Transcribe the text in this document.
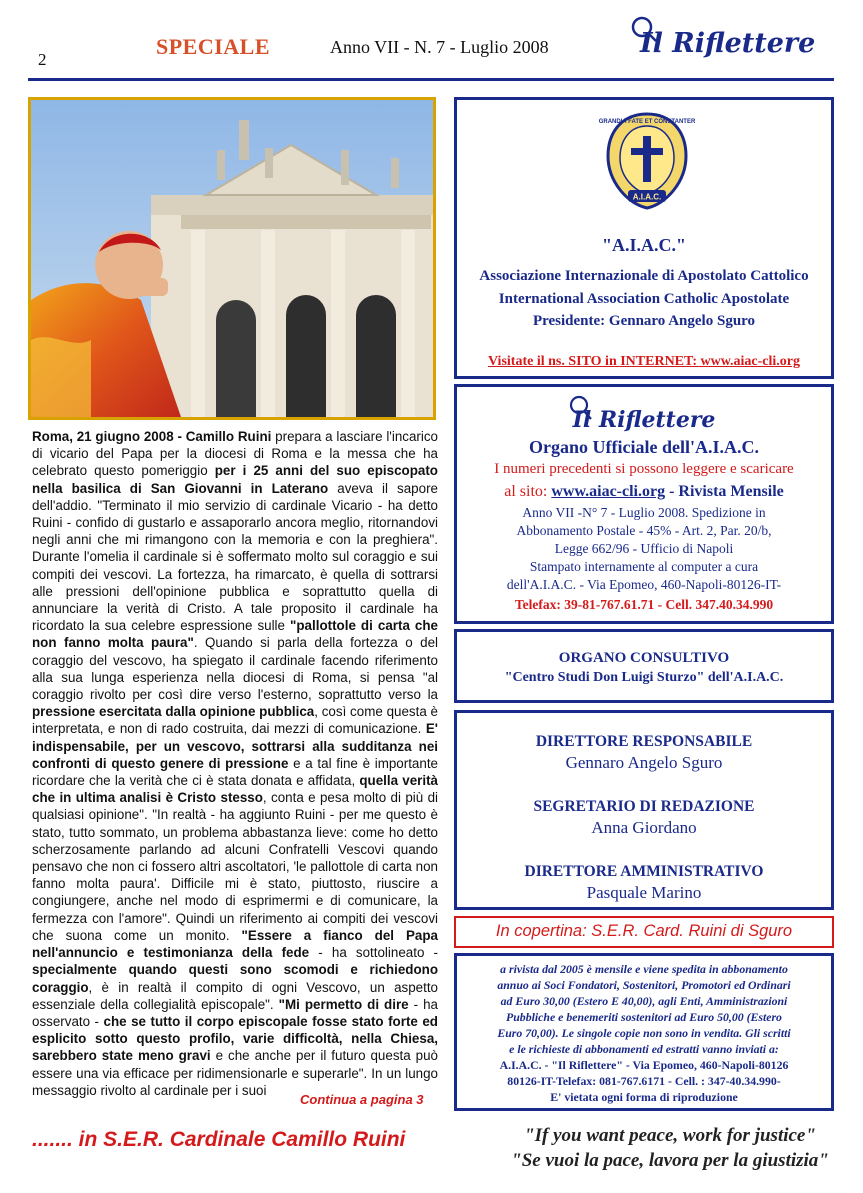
2
SPECIALE	Anno VII - N. 7 - Luglio 2008	Il Riflettere

Roma, 21 giugno 2008 - Camillo Ruini prepara a lasciare l'incarico di vicario del Papa per la diocesi di Roma e la messa che ha celebrato questo pomeriggio per i 25 anni del suo episcopato nella basilica di San Giovanni in Laterano aveva il sapore dell'addio. "Terminato il mio servizio di cardinale Vicario - ha detto Ruini - confido di gustarlo e assaporarlo ancora meglio, ritornandovi negli anni che mi rimangono con la memoria e con la preghiera". Durante l'omelia il cardinale si è soffermato molto sul coraggio e sui compiti dei vescovi. La fortezza, ha rimarcato, è quella di sottrarsi alle pressioni dell'opinione pubblica e soprattutto quella di annunciare la verità di Cristo. A tale proposito il cardinale ha ricordato la sua celebre espressione sulle "pallottole di carta che non fanno molta paura". Quando si parla della fortezza o del coraggio del vescovo, ha spiegato il cardinale facendo riferimento alla sua lunga esperienza nella diocesi di Roma, si pensa "al coraggio rivolto per così dire verso l'esterno, soprattutto verso la pressione esercitata dalla opinione pubblica, così come questa è interpretata, e non di rado costruita, dai mezzi di comunicazione. E' indispensabile, per un vescovo, sottrarsi alla sudditanza nei confronti di questo genere di pressione e a tal fine è importante ricordare che la verità che ci è stata donata e affidata, quella verità che in ultima analisi è Cristo stesso, conta e pesa molto di più di qualsiasi opinione". "In realtà - ha aggiunto Ruini - per me questo è stato, tutto sommato, un problema abbastanza lieve: come ho detto scherzosamente parlando ad alcuni Confratelli Vescovi quando pensavo che non ci fossero altri ascoltatori, 'le pallottole di carta non fanno molta paura'. Difficile mi è stato, piuttosto, riuscire a congiungere, anche nel modo di esprimermi e di comunicare, la fermezza con l'amore". Quindi un riferimento ai compiti dei vescovi che suona come un monito. "Essere a fianco del Papa nell'annuncio e testimonianza della fede - ha sottolineato - specialmente quando questi sono scomodi e richiedono coraggio, è in realtà il compito di ogni Vescovo, un aspetto essenziale della collegialità episcopale". "Mi permetto di dire - ha osservato - che se tutto il corpo episcopale fosse stato forte ed esplicito sotto questo profilo, varie difficoltà, nella Chiesa, sarebbero state meno gravi e che anche per il futuro questa può essere una via efficace per ridimensionarle e superarle". In un lungo messaggio rivolto al cardinale per i suoi

Continua a pagina 3
A.I.A.C.
GRANDIA FATE ET CONSTANTER
"A.I.A.C."
Associazione Internazionale di Apostolato Cattolico
International Association Catholic Apostolate
Presidente: Gennaro Angelo Sguro
Visitate il ns. SITO in INTERNET: www.aiac-cli.org
Il Riflettere
Organo Ufficiale dell'A.I.A.C.
I numeri precedenti si possono leggere e scaricare
al sito: www.aiac-cli.org - Rivista Mensile
Anno VII -N° 7 - Luglio 2008. Spedizione in
Abbonamento Postale - 45% - Art. 2, Par. 20/b,
Legge 662/96 - Ufficio di Napoli
Stampato internamente al computer a cura
dell'A.I.A.C. - Via Epomeo, 460-Napoli-80126-IT-
Telefax: 39-81-767.61.71 - Cell. 347.40.34.990
ORGANO CONSULTIVO
"Centro Studi Don Luigi Sturzo" dell'A.I.A.C.
DIRETTORE RESPONSABILE
Gennaro Angelo Sguro
SEGRETARIO DI REDAZIONE
Anna Giordano
DIRETTORE AMMINISTRATIVO
Pasquale Marino
In copertina: S.E.R. Card. Ruini di Sguro
a rivista dal 2005 è mensile e viene spedita in abbonamento
annuo ai Soci Fondatori, Sostenitori, Promotori ed Ordinari
ad Euro 30,00 (Estero E 40,00), agli Enti, Amministrazioni
Pubbliche e benemeriti sostenitori ad Euro 50,00 (Estero
Euro 70,00). Le singole copie non sono in vendita. Gli scritti
e le richieste di abbonamenti ed estratti vanno inviati a:
A.I.A.C. - "Il Riflettere" - Via Epomeo, 460-Napoli-80126
80126-IT-Telefax: 081-767.6171 - Cell. : 347-40.34.990-
E' vietata ogni forma di riproduzione
....... in S.E.R. Cardinale Camillo Ruini	"If you want peace, work for justice"
"Se vuoi la pace, lavora per la giustizia"
